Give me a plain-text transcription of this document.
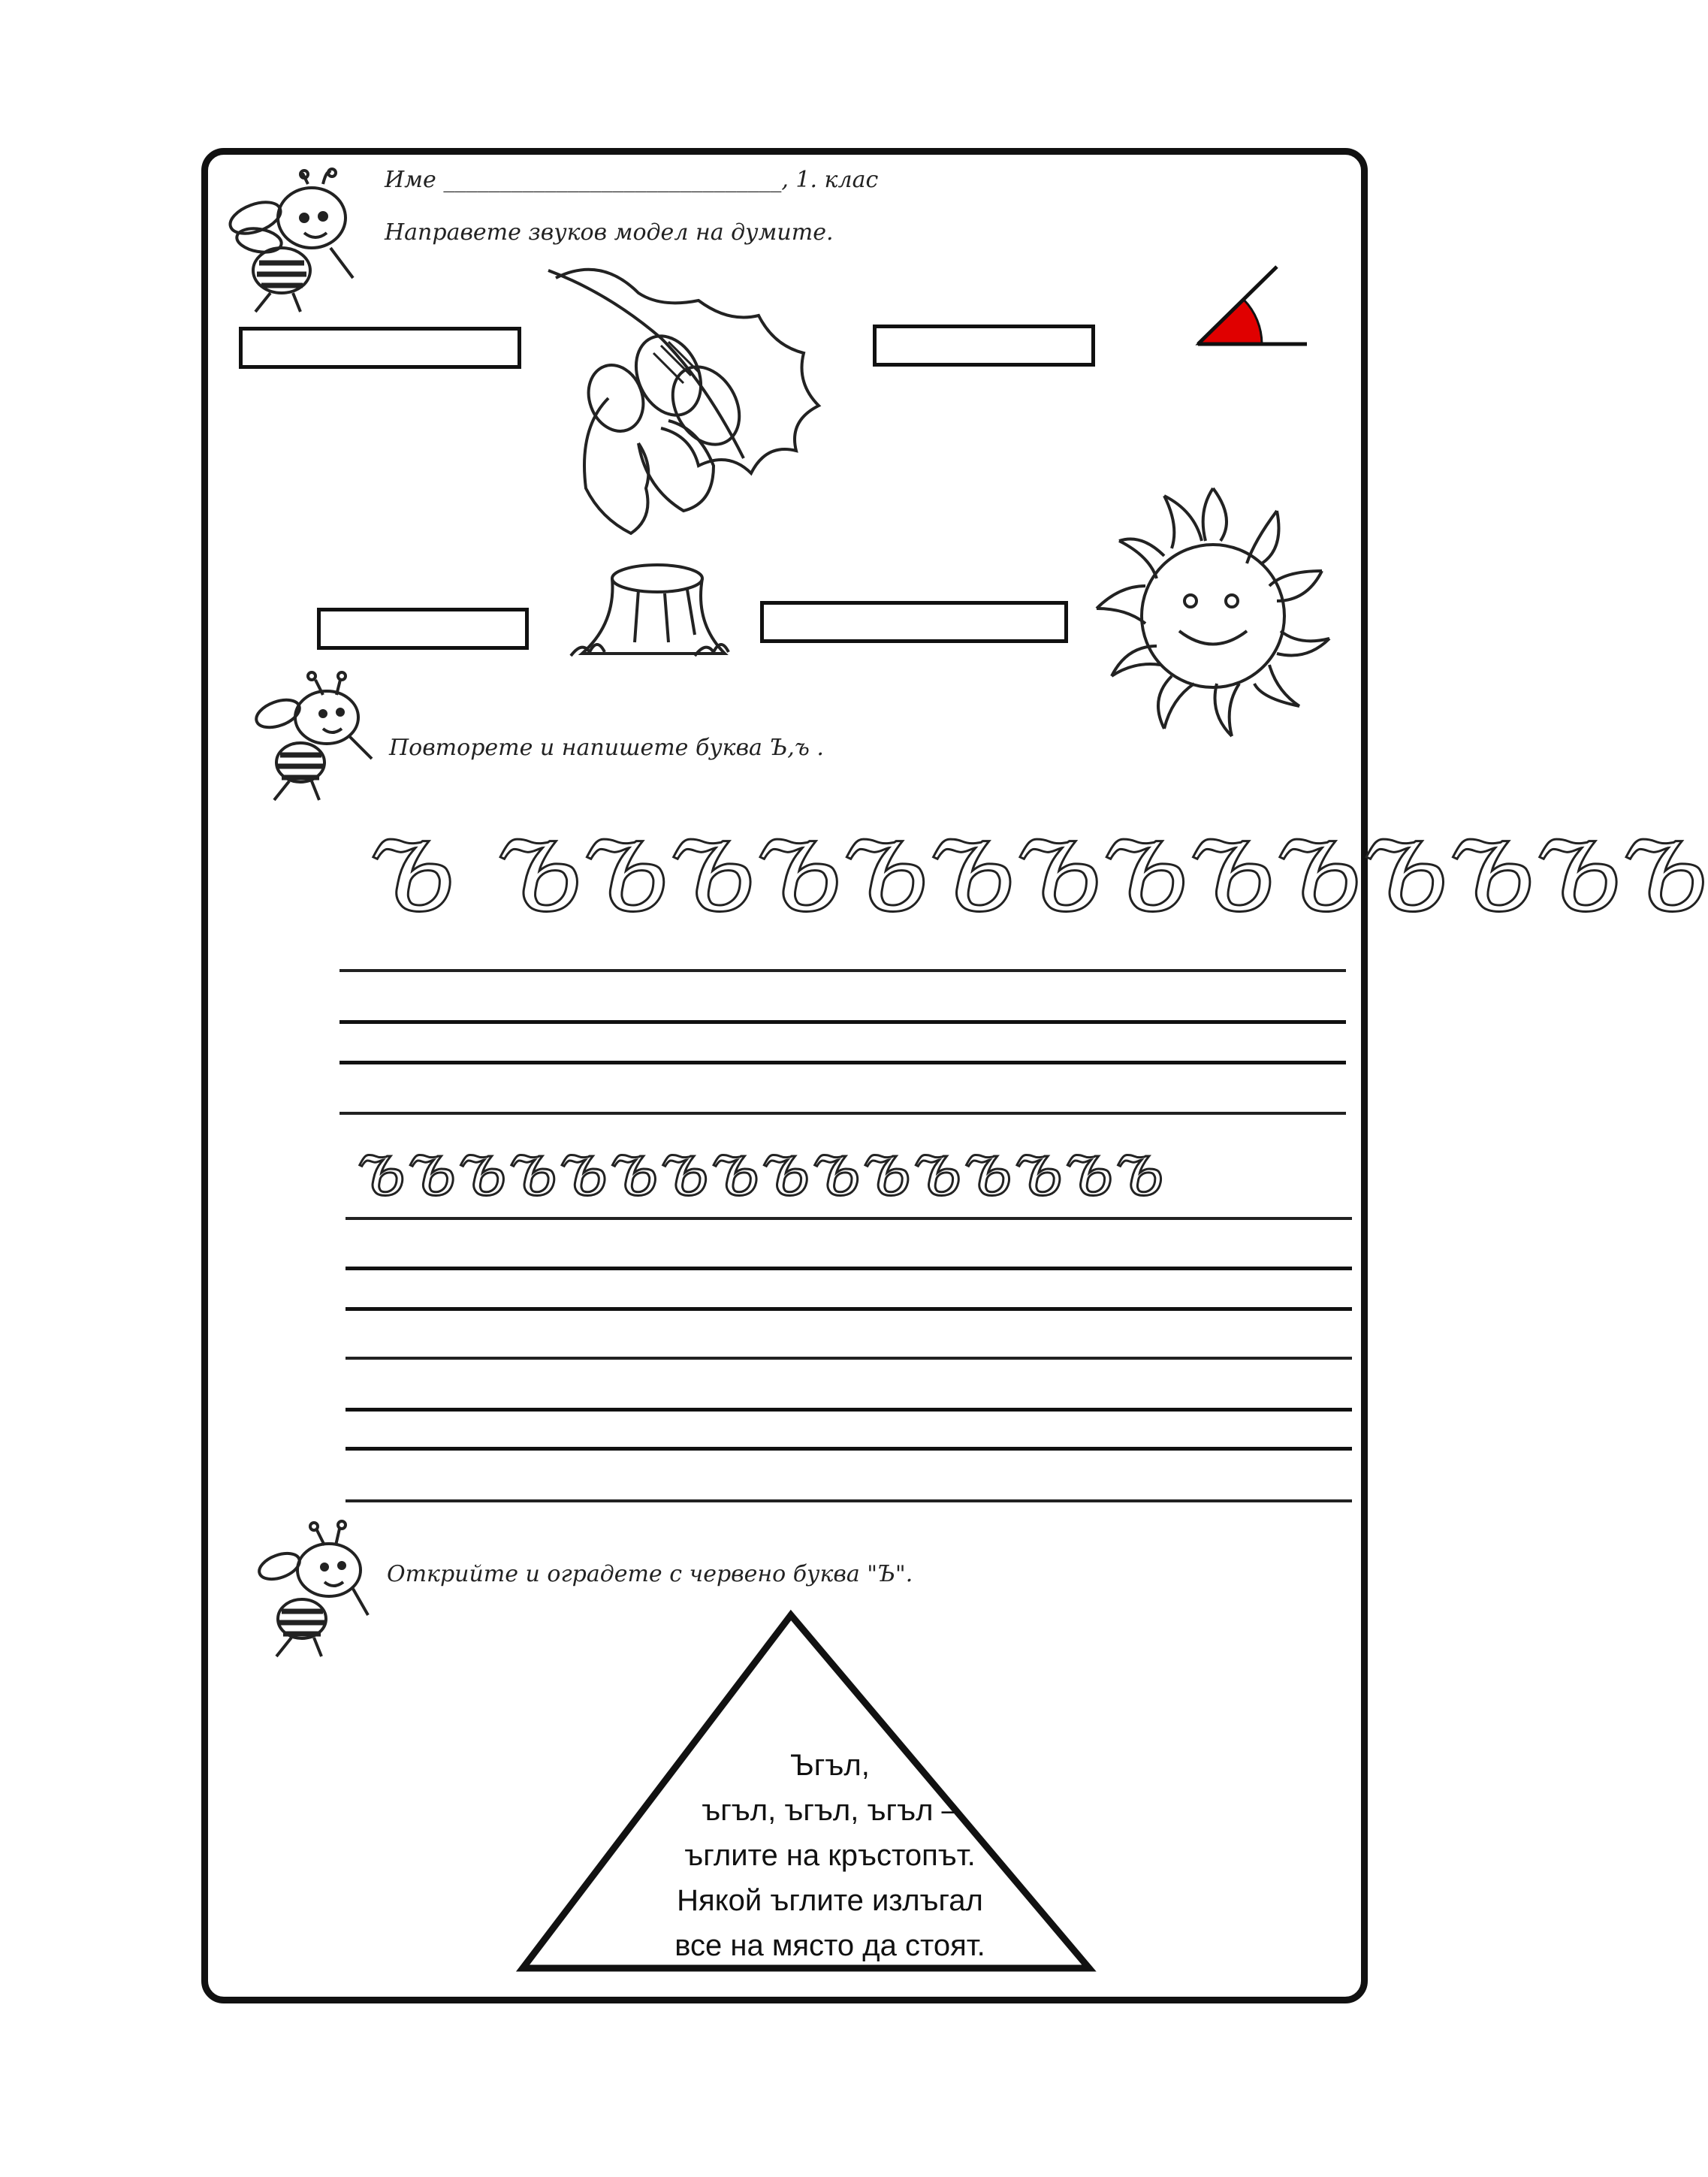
Име ______________________________, 1. клас
Направете звуков модел на думите.
Повторете и напишете буква Ъ,ъ .
ъ ъъъъъъъъъъъъъъ
ъъъъъъъъъъъъъъъъ
Открийте и оградете с червено буква "Ъ".
Ъгъл,
ъгъл, ъгъл, ъгъл –
ъглите на кръстопът.
Някой ъглите излъгал
все на място да стоят.
